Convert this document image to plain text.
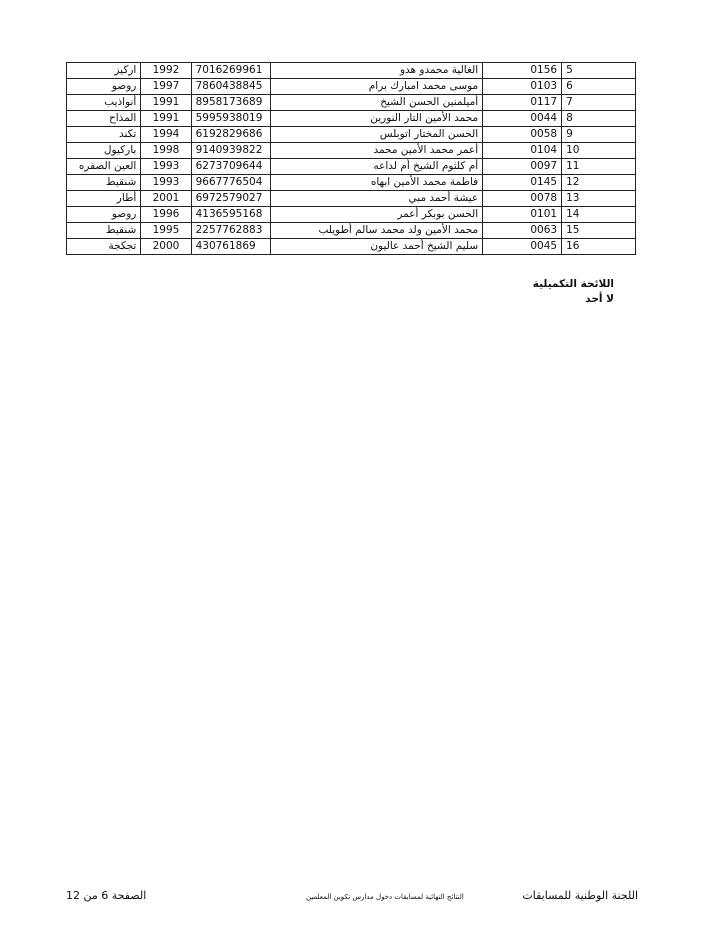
5	0156	الغالية محمدو هدو	7016269961	1992	اركيز
6	0103	موسى محمد امبارك برام	7860438845	1997	روصو
7	0117	أميلمنين الحسن الشيخ	8958173689	1991	أنواذيب
8	0044	محمد الأمين التار النورين	5995938019	1991	المذاح
9	0058	الحسن المختار اتوبلس	6192829686	1994	تكند
10	0104	أعمر محمد الأمين محمد	9140939822	1998	باركيول
11	0097	أم كلثوم الشيخ أم لداعه	6273709644	1993	العين الصفره
12	0145	فاطمة محمد الأمين ابهاه	9667776504	1993	شنقيط
13	0078	عيشة أحمد مبي	6972579027	2001	أطار
14	0101	الحسن بوبكر أعمر	4136595168	1996	روصو
15	0063	محمد الأمين ولد محمد سالم أطويلب	2257762883	1995	شنقيط
16	0045	سليم الشيخ أحمد عاليون	430761869	2000	تجكجة
اللائحة التكميلية
لا أحد
الصفحة 6 من 12	النتائج النهائية لمسابقات دخول مدارس تكوين المعلمين	اللجنة الوطنية للمسابقات
